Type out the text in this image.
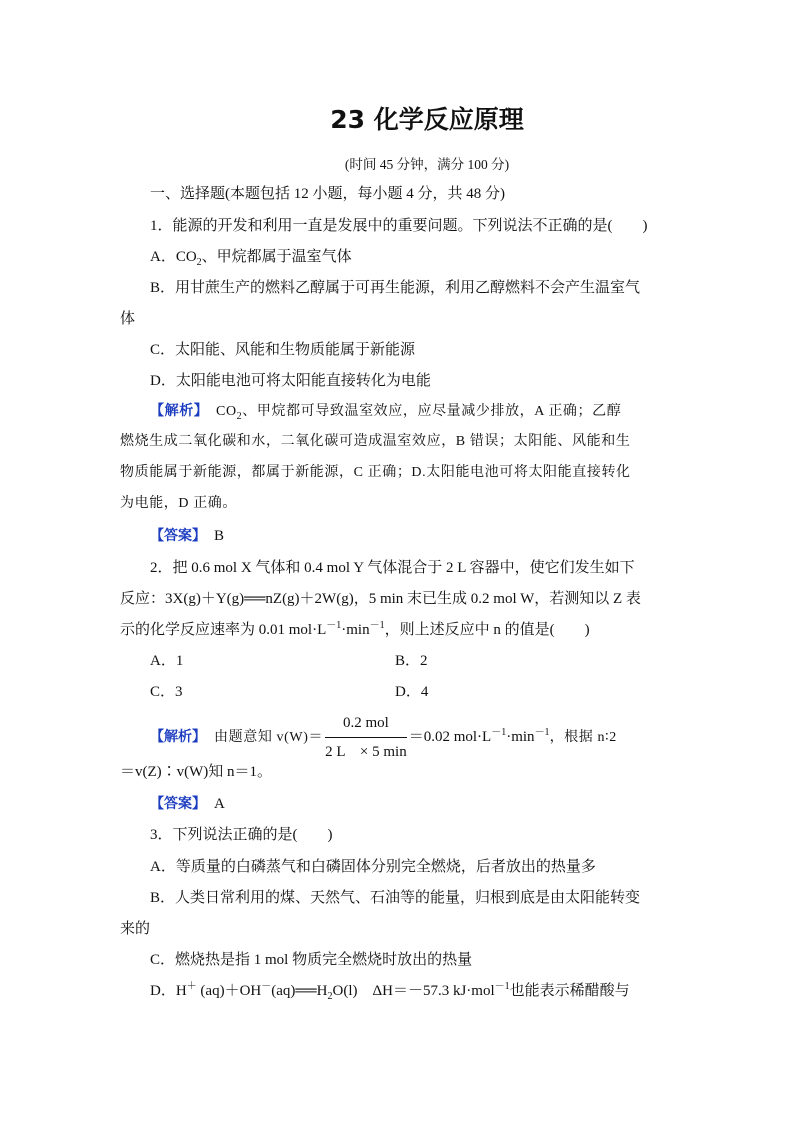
23 化学反应原理
(时间 45 分钟，满分 100 分)
一、选择题(本题包括 12 小题，每小题 4 分，共 48 分)
1．能源的开发和利用一直是发展中的重要问题。下列说法不正确的是(　　)
A．$CO_2$、甲烷都属于温室气体
B．用甘蔗生产的燃料乙醇属于可再生能源，利用乙醇燃料不会产生温室气
体
C．太阳能、风能和生物质能属于新能源
D．太阳能电池可将太阳能直接转化为电能
【解析】　 $CO_2$、甲烷都可导致温室效应，应尽量减少排放，A 正确；乙醇
燃烧生成二氧化碳和水，二氧化碳可造成温室效应，B 错误；太阳能、风能和生
物质能属于新能源，都属于新能源，C 正确；D.太阳能电池可将太阳能直接转化
为电能，D 正确。
【答案】　 B
2．把 0.6 mol X 气体和 0.4 mol Y 气体混合于 2 L 容器中，使它们发生如下
反应：3X(g)＋Y(g)══nZ(g)＋2W(g)，5 min 末已生成 0.2 mol W，若测知以 Z 表
示的化学反应速率为 0.01 $mol\cdot L^{-1}\cdot\min^{-1}$，则上述反应中 n 的值是(　　)
A．1	B．2
C．3	D．4
【解析】　 由题意知 $v(W)= \frac{\text{0.2 mol}}{2 L \times 5 \min} =0.02$ $mol\cdot L^{-1}\cdot\min^{-1}$，根据 n∶2
＝v(Z)∶v(W)知 n＝1。
【答案】　 A
3．下列说法正确的是(　　)
A．等质量的白磷蒸气和白磷固体分别完全燃烧，后者放出的热量多
B．人类日常利用的煤、天然气、石油等的能量，归根到底是由太阳能转变
来的
C．燃烧热是指 1 mol 物质完全燃烧时放出的热量
D．H＋ $(aq)+OH^-(aq)══H_2O(l)$　ΔH＝－57.3 kJ·mol$^{-1}$也能表示稀醋酸与
